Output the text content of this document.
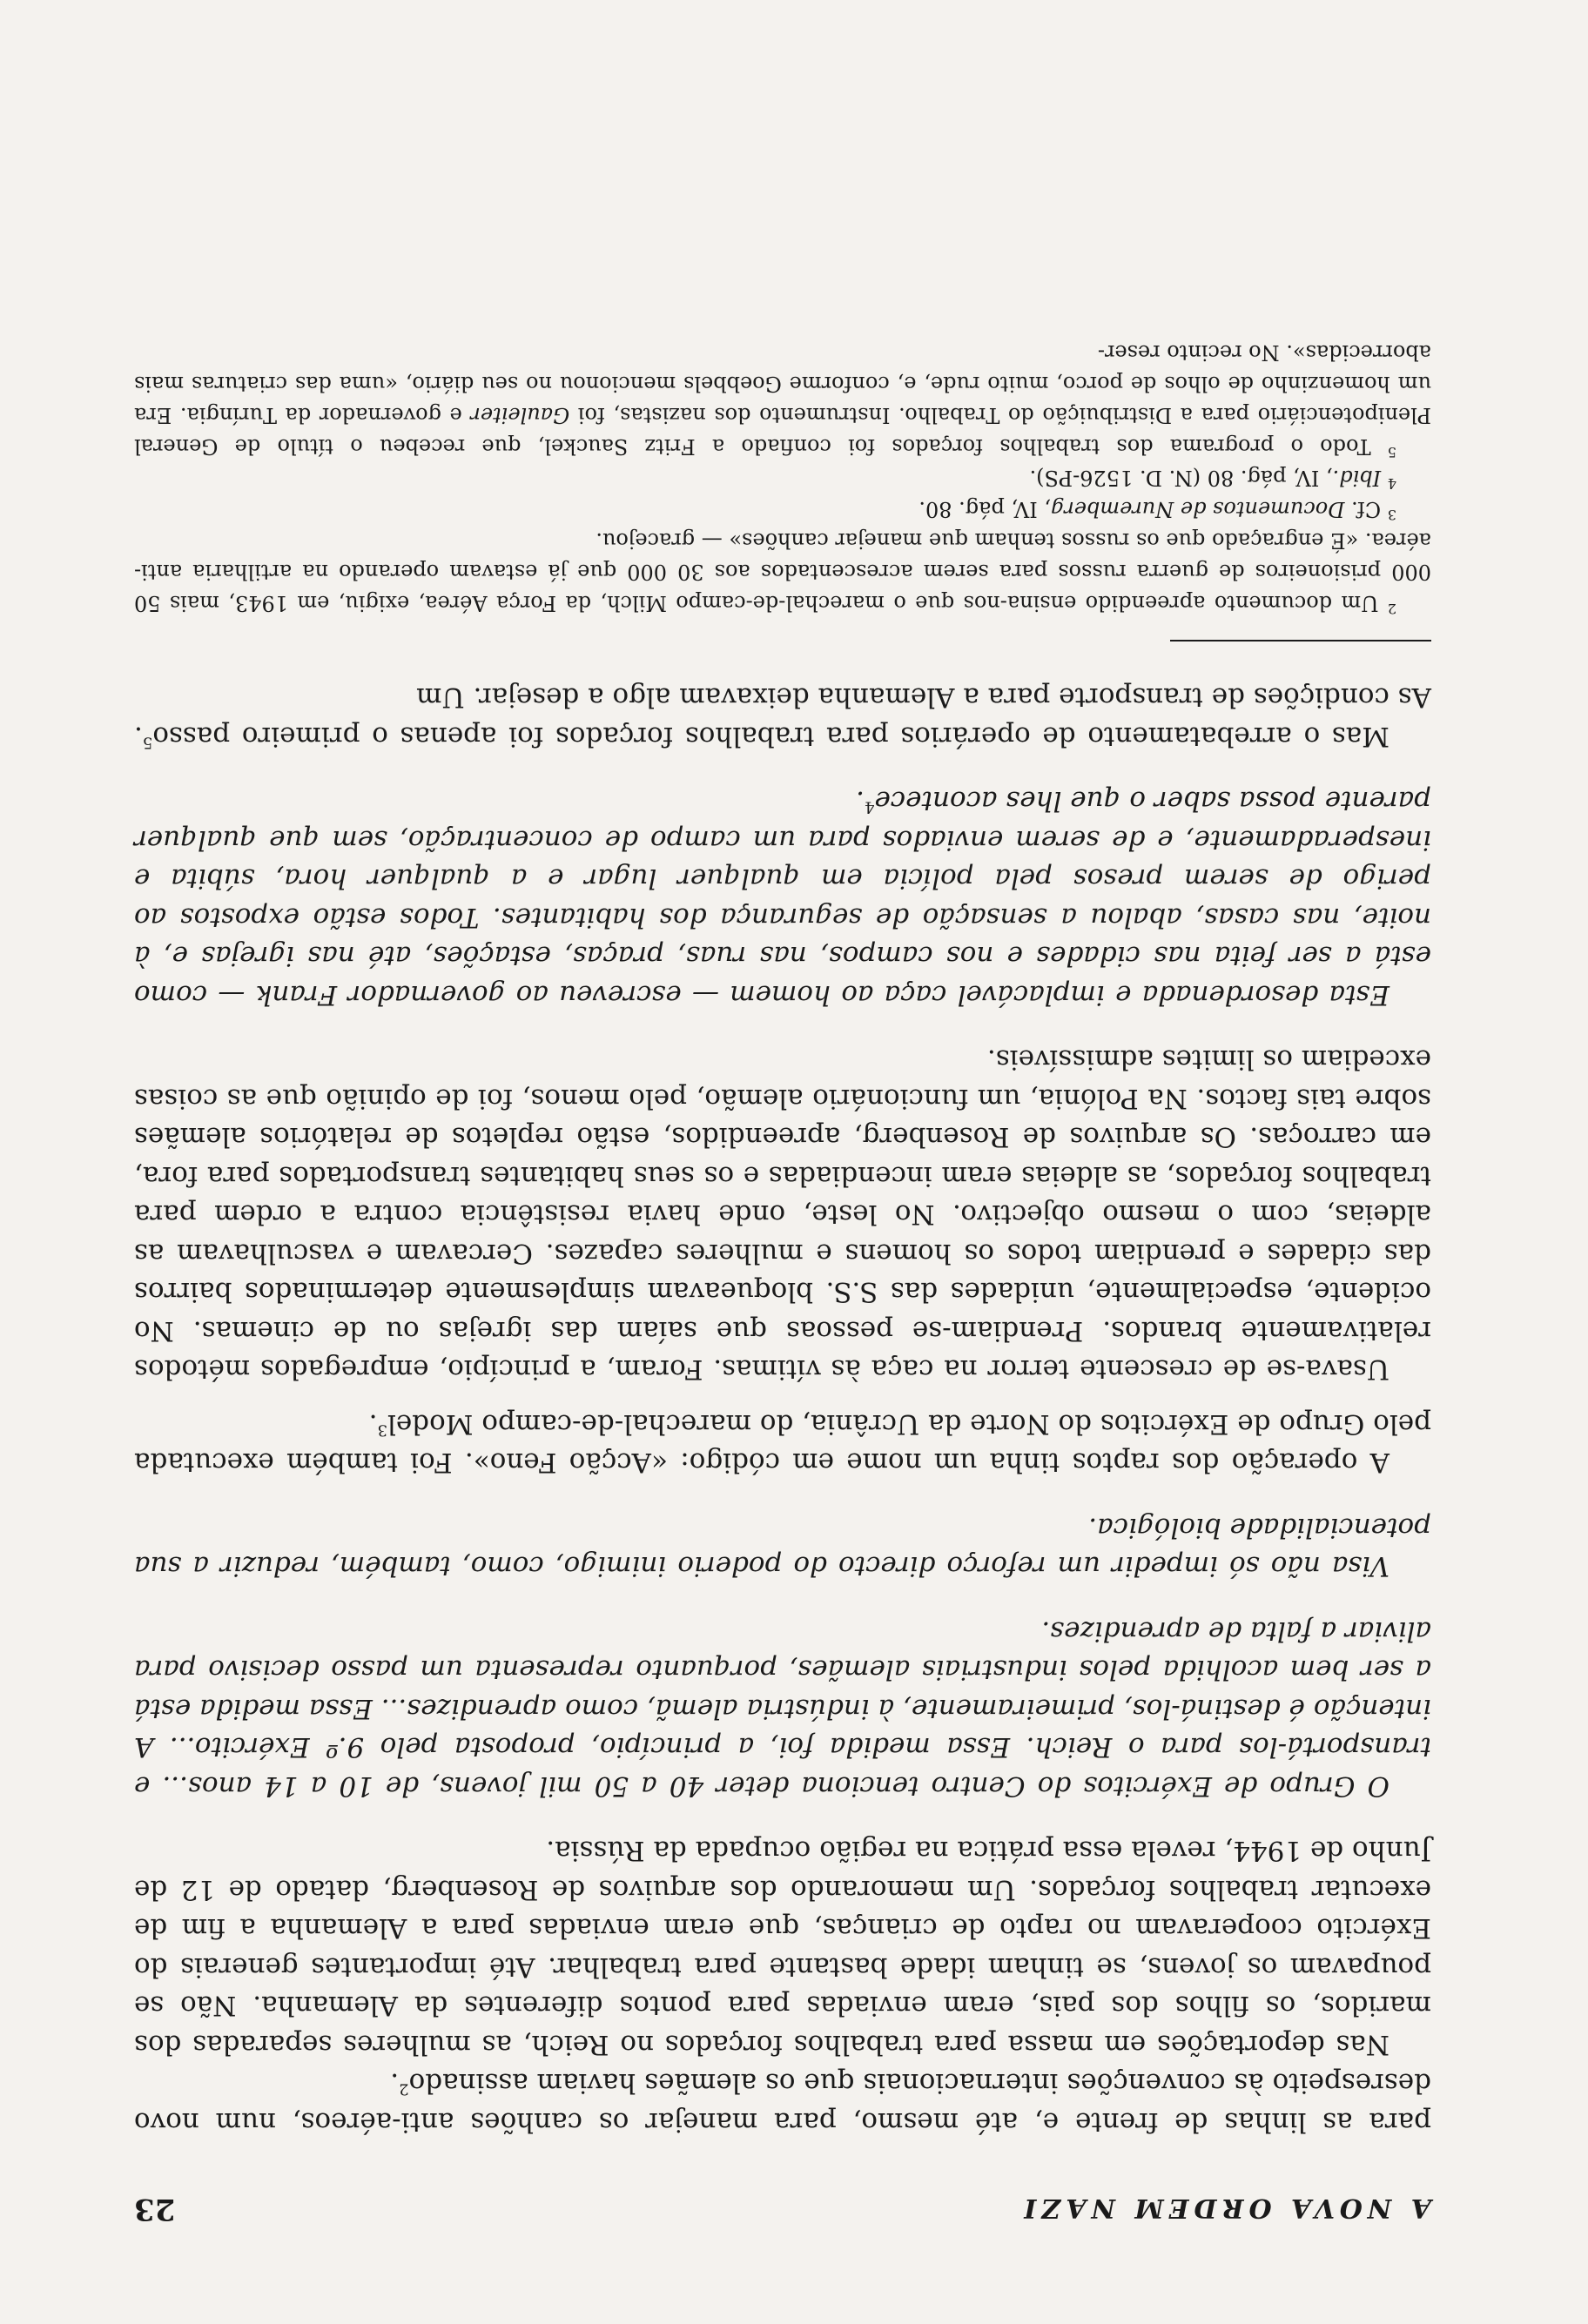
A NOVA ORDEM NAZI
23

para as linhas de frente e, até mesmo, para manejar os canhões anti-aéreos, num novo desrespeito às convenções internacionais que os alemães haviam assinado$^2$.

Nas deportações em massa para trabalhos forçados no Reich, as mulheres separadas dos maridos, os filhos dos pais, eram enviadas para pontos diferentes da Alemanha. Não se poupavam os jovens, se tinham idade bastante para trabalhar. Até importantes generais do Exército cooperavam no rapto de crianças, que eram enviadas para a Alemanha a fim de executar trabalhos forçados. Um memorando dos arquivos de Rosenberg, datado de 12 de Junho de 1944, revela essa prática na região ocupada da Rússia.

O Grupo de Exércitos do Centro tenciona deter 40 a 50 mil jovens, de 10 a 14 anos... e transportá-los para o Reich. Essa medida foi, a princípio, proposta pelo 9.º Exército... A intenção é destiná-los, primeiramente, à indústria alemã, como aprendizes... Essa medida está a ser bem acolhida pelos industriais alemães, porquanto representa um passo decisivo para aliviar a falta de aprendizes.

Visa não só impedir um reforço directo do poderio inimigo, como, também, reduzir a sua potencialidade biológica.

A operação dos raptos tinha um nome em código: «Acção Feno». Foi também executada pelo Grupo de Exércitos do Norte da Ucrânia, do marechal-de-campo Model$^3$.

Usava-se de crescente terror na caça às vítimas. Foram, a princípio, empregados métodos relativamente brandos. Prendiam-se pessoas que saíam das igrejas ou de cinemas. No ocidente, especialmente, unidades das S.S. bloqueavam simplesmente determinados bairros das cidades e prendiam todos os homens e mulheres capazes. Cercavam e vasculhavam as aldeias, com o mesmo objectivo. No leste, onde havia resistência contra a ordem para trabalhos forçados, as aldeias eram incendiadas e os seus habitantes transportados para fora, em carroças. Os arquivos de Rosenberg, apreendidos, estão repletos de relatórios alemães sobre tais factos. Na Polónia, um funcionário alemão, pelo menos, foi de opinião que as coisas excediam os limites admissíveis.

Esta desordenada e implacável caça ao homem — escreveu ao governador Frank — como está a ser feita nas cidades e nos campos, nas ruas, praças, estações, até nas igrejas e, à noite, nas casas, abalou a sensação de segurança dos habitantes. Todos estão expostos ao perigo de serem presos pela polícia em qualquer lugar e a qualquer hora, súbita e inesperadamente, e de serem enviados para um campo de concentração, sem que qualquer parente possa saber o que lhes acontece$^4$.

Mas o arrebatamento de operários para trabalhos forçados foi apenas o primeiro passo$^5$. As condições de transporte para a Alemanha deixavam algo a desejar. Um

$^2$ Um documento apreendido ensina-nos que o marechal-de-campo Milch, da Força Aérea, exigiu, em 1943, mais 50 000 prisioneiros de guerra russos para serem acrescentados aos 30 000 que já estavam operando na artilharia anti-aérea. «É engraçado que os russos tenham que manejar canhões» — gracejou.

$^3$ Cf. Documentos de Nuremberg, IV, pág. 80.

$^4$ Ibid., IV, pág. 80 (N. D. 1526-PS).

$^5$ Todo o programa dos trabalhos forçados foi confiado a Fritz Sauckel, que recebeu o título de General Plenipotenciário para a Distribuição do Trabalho. Instrumento dos nazistas, foi Gauleiter e governador da Turíngia. Era um homenzinho de olhos de porco, muito rude, e, conforme Goebbels mencionou no seu diário, «uma das criaturas mais aborrecidas». No recinto reser-
